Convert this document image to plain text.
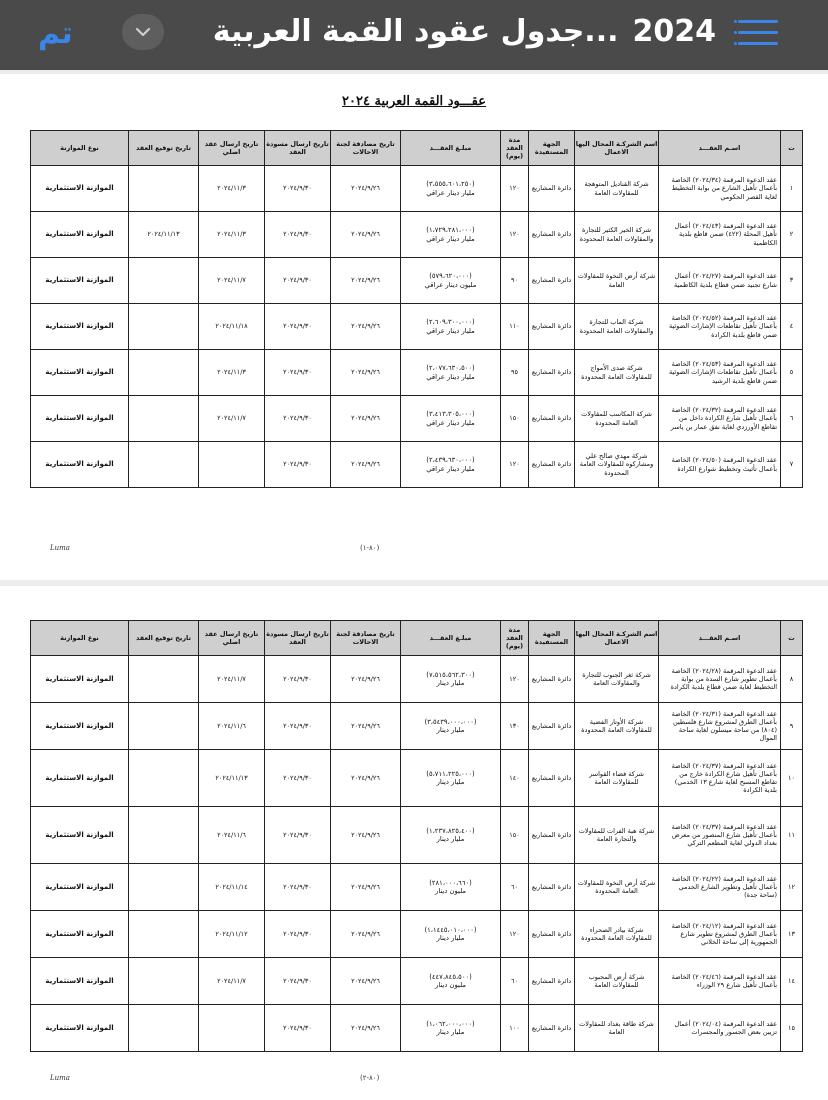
تم	2024...جدول عقود القمة العربية
عقـــود القمة العربية ٢٠٢٤
ت	اسـم العقـــد	اسم الشركـة المحال اليها الاعمال	الجهة المستفيدة	مدة العقد (يوم)	مبلـغ العقـــد	تاريخ مصادقة لجنة الاحالات	تاريخ ارسال مسودة العقد	تاريخ ارسال عقد اصلي	تاريخ توقيع العقد	نوع الموازنة
١	عقد الدعوة المرقمة (٢٠٢٤/٣٤) الخاصة بأعمال تأهيل الشارع من بوابة التخطيط لغاية القصر الحكومي	شركة القناديل المتوهجة للمقاولات العامة	دائرة المشاريع	١٢٠	(٣،٥٥٥،٦٠١،٢٥٠)
مليار دينار عراقي	٢٠٢٤/٩/٢٦	٢٠٢٤/٩/٣٠	٢٠٢٤/١١/٣		الموازنة الاستثمارية
٢	عقد الدعوة المرقمة (٢٠٢٤/٤٣) أعمال تأهيل المحلة (٤٢٢) ضمن قاطع بلدية الكاظمية	شركة الخير الكثير للتجارة والمقاولات العامة المحدودة	دائرة المشاريع	١٢٠	(١،٧٢٩،٢٨١،٠٠٠)
مليار دينار عراقي	٢٠٢٤/٩/٢٦	٢٠٢٤/٩/٣٠	٢٠٢٤/١١/٣	٢٠٢٤/١١/١٣	الموازنة الاستثمارية
٣	عقد الدعوة المرقمة (٢٠٢٤/٢٧) أعمال شارع تجنيد ضمن قطاع بلدية الكاظمية	شركة أرض النخوة للمقاولات العامة	دائرة المشاريع	٩٠	(٥٧٩،٦٢٠،٠٠٠)
مليون دينار عراقي	٢٠٢٤/٩/٢٦	٢٠٢٤/٩/٣٠	٢٠٢٤/١١/٧		الموازنة الاستثمارية
٤	عقد الدعوة المرقمة (٢٠٢٤/٥٢) الخاصة بأعمال تأهيل تقاطعات الإشارات الضوئية ضمن قاطع بلدية الكرادة	شركة الماب للتجارة والمقاولات العامة المحدودة	دائرة المشاريع	١١٠	(٢،٦٠٩،٣٠٠،٠٠٠)
مليار دينار عراقي	٢٠٢٤/٩/٢٦	٢٠٢٤/٩/٣٠	٢٠٢٤/١١/١٨		الموازنة الاستثمارية
٥	عقد الدعوة المرقمة (٢٠٢٤/٥٣) الخاصة بأعمال تأهيل تقاطعات الإشارات الضوئية ضمن قاطع بلدية الرشيد	شركة صدى الأمواج للمقاولات العامة المحدودة	دائرة المشاريع	٩٥	(٢،٠٧٧،٦٣٠،٥٠٠)
مليار دينار عراقي	٢٠٢٤/٩/٢٦	٢٠٢٤/٩/٣٠	٢٠٢٤/١١/٣		الموازنة الاستثمارية
٦	عقد الدعوة المرقمة (٢٠٢٤/٣٢) الخاصة بأعمال تأهيل شارع الكرادة داخل من تقاطع الأورزدي لغاية نفق عمار بن ياسر	شركة المكاسب للمقاولات العامة المحدودة	دائرة المشاريع	١٥٠	(٣،٤١٣،٣٠٥،٠٠٠)
مليار دينار عراقي	٢٠٢٤/٩/٢٦	٢٠٢٤/٩/٣٠	٢٠٢٤/١١/٧		الموازنة الاستثمارية
٧	عقد الدعوة المرقمة (٢٠٢٤/٥٠) الخاصة بأعمال تأثيث وتخطيط شوارع الكرادة	شركة مهدي صالح علي ومشاركوه للمقاولات العامة المحدودة	دائرة المشاريع	١٢٠	(٢،٤٣٩،٦٣٠،٠٠٠)
مليار دينار عراقي	٢٠٢٤/٩/٢٦	٢٠٢٤/٩/٣٠			الموازنة الاستثمارية
Luma	(٨٠-١)
ت	اسـم العقـــد	اسم الشركـة المحال اليها الاعمال	الجهة المستفيدة	مدة العقد (يوم)	مبلـغ العقـــد	تاريخ مصادقة لجنة الاحالات	تاريخ ارسال مسودة العقد	تاريخ ارسال عقد اصلي	تاريخ توقيع العقد	نوع الموازنة
٨	عقد الدعوة المرقمة (٢٠٢٤/٢٨) الخاصة بأعمال تطوير شارع السدة من بوابة التخطيط لغاية ضمن قطاع بلدية الكرادة	شركة ثغر الجنوب للتجارة والمقاولات العامة	دائرة المشاريع	١٢٠	(٧،٥١٥،٥٦٢،٣٠٠)
مليار دينار	٢٠٢٤/٩/٢٦	٢٠٢٤/٩/٣٠	٢٠٢٤/١١/٧		الموازنة الاستثمارية
٩	عقد الدعوة المرقمة (٢٠٢٤/٣١) الخاصة بأعمال الطرق لمشروع شارع فلسطين (٨٠٤) من ساحة ميسلون لغاية ساحة الموال	شركة الأوتار الفضية للمقاولات العامة المحدودة	دائرة المشاريع	١٣٠	(٣،٥٤٣٩،٠٠٠،٠٠٠)
مليار دينار	٢٠٢٤/٩/٢٦	٢٠٢٤/٩/٣٠	٢٠٢٤/١١/٦		الموازنة الاستثمارية
١٠	عقد الدعوة المرقمة (٢٠٢٤/٣٧) الخاصة بأعمال تأهيل شارع الكرادة خارج من تقاطع المسبح لغاية شارع ١٣ الخدمي) بلدية الكرادة	شركة فضاء القواسر للمقاولات العامة	دائرة المشاريع	١٤٠	(٥،٧١١،٢٢٥،٠٠٠)
مليار دينار	٢٠٢٤/٩/٢٦	٢٠٢٤/٩/٣٠	٢٠٢٤/١١/١٣		الموازنة الاستثمارية
١١	عقد الدعوة المرقمة (٢٠٢٤/٣٧) الخاصة بأعمال تأهيل شارع المنصور من معرض بغداد الدولي لغاية المطعم التركي	شركة هبة الفرات للمقاولات والتجارة العامة	دائرة المشاريع	١٥٠	(١،٢٣٧،٨٢٥،٤٠٠)
مليار دينار	٢٠٢٤/٩/٢٦	٢٠٢٤/٩/٣٠	٢٠٢٤/١١/٦		الموازنة الاستثمارية
١٢	عقد الدعوة المرقمة (٢٠٢٤/٢٢) الخاصة بأعمال تأهيل وتطوير الشارع الخدمي (ساحة جدة)	شركة أرض النخوة للمقاولات العامة المحدودة	دائرة المشاريع	٦٠	(٢٨١،٠٠٠،٦٦٠)
مليون دينار	٢٠٢٤/٩/٢٦	٢٠٢٤/٩/٣٠	٢٠٢٤/١١/١٤		الموازنة الاستثمارية
١٣	عقد الدعوة المرقمة (٢٠٢٤/١٢) الخاصة بأعمال الطرق لمشروع تطوير شارع الجمهورية إلى ساحة الخلاني	شركة بيادر الصحراء للمقاولات العامة المحدودة	دائرة المشاريع	١٢٠	(١،١٤٤٥،٠١٠،٠٠٠)
مليار دينار	٢٠٢٤/٩/٢٦	٢٠٢٤/٩/٣٠	٢٠٢٤/١١/١٢		الموازنة الاستثمارية
١٤	عقد الدعوة المرقمة (٢٠٢٤/٤٦) الخاصة بأعمال تأهيل شارع ٢٩ الوزراء	شركة أرض المحبوب للمقاولات العامة	دائرة المشاريع	٦٠	(٤٤٧،٨٤٥،٥٠٠)
مليون دينار	٢٠٢٤/٩/٢٦	٢٠٢٤/٩/٣٠	٢٠٢٤/١١/٧		الموازنة الاستثمارية
١٥	عقد الدعوة المرقمة (٢٠٢٤/٠٤) أعمال تزيين بعض الجسور والمجسرات	شركة طاقة بغداد للمقاولات العامة	دائرة المشاريع	١٠٠	(١،٠٦٢،٠٠٠،٠٠٠)
مليار دينار	٢٠٢٤/٩/٢٦	٢٠٢٤/٩/٣٠			الموازنة الاستثمارية
Luma	(٨٠-٢)
